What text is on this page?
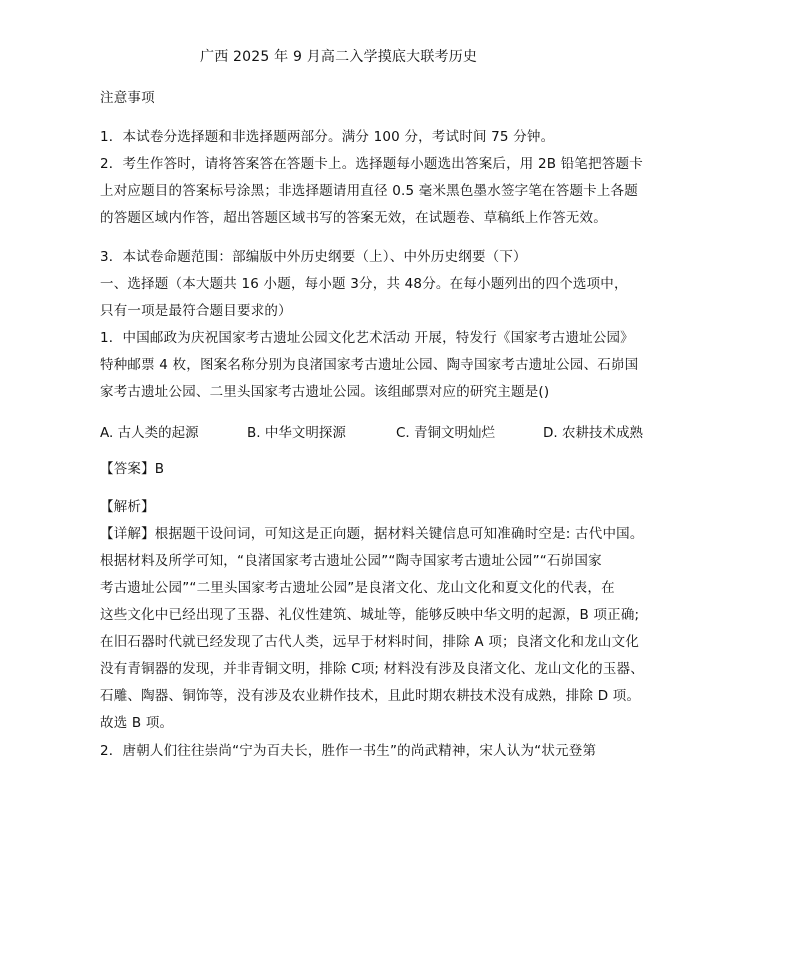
广西 2025 年 9 月高二入学摸底大联考历史
注意事项
1．本试卷分选择题和非选择题两部分。满分 100 分，考试时间 75 分钟。
2．考生作答时，请将答案答在答题卡上。选择题每小题选出答案后，用 2B 铅笔把答题卡
上对应题目的答案标号涂黑；非选择题请用直径 0.5 毫米黑色墨水签字笔在答题卡上各题
的答题区域内作答，超出答题区域书写的答案无效，在试题卷、草稿纸上作答无效。
3．本试卷命题范围：部编版中外历史纲要（上）、中外历史纲要（下）
一、选择题（本大题共 16 小题，每小题 3分，共 48分。在每小题列出的四个选项中，
只有一项是最符合题目要求的）
1．中国邮政为庆祝国家考古遗址公园文化艺术活动 开展，特发行《国家考古遗址公园》
特种邮票 4 枚，图案名称分别为良渚国家考古遗址公园、陶寺国家考古遗址公园、石峁国
家考古遗址公园、二里头国家考古遗址公园。该组邮票对应的研究主题是()
A. 古人类的起源	B. 中华文明探源	C. 青铜文明灿烂	D. 农耕技术成熟
【答案】B
【解析】
【详解】根据题干设问词，可知这是正向题，据材料关键信息可知准确时空是: 古代中国。
根据材料及所学可知，“良渚国家考古遗址公园”“陶寺国家考古遗址公园”“石峁国家
考古遗址公园”“二里头国家考古遗址公园”是良渚文化、龙山文化和夏文化的代表，在
这些文化中已经出现了玉器、礼仪性建筑、城址等，能够反映中华文明的起源，B 项正确;
在旧石器时代就已经发现了古代人类，远早于材料时间，排除 A 项；良渚文化和龙山文化
没有青铜器的发现，并非青铜文明，排除 C项; 材料没有涉及良渚文化、龙山文化的玉器、
石雕、陶器、铜饰等，没有涉及农业耕作技术，且此时期农耕技术没有成熟，排除 D 项。
故选 B 项。
2．唐朝人们往往崇尚“宁为百夫长，胜作一书生”的尚武精神，宋人认为“状元登第
